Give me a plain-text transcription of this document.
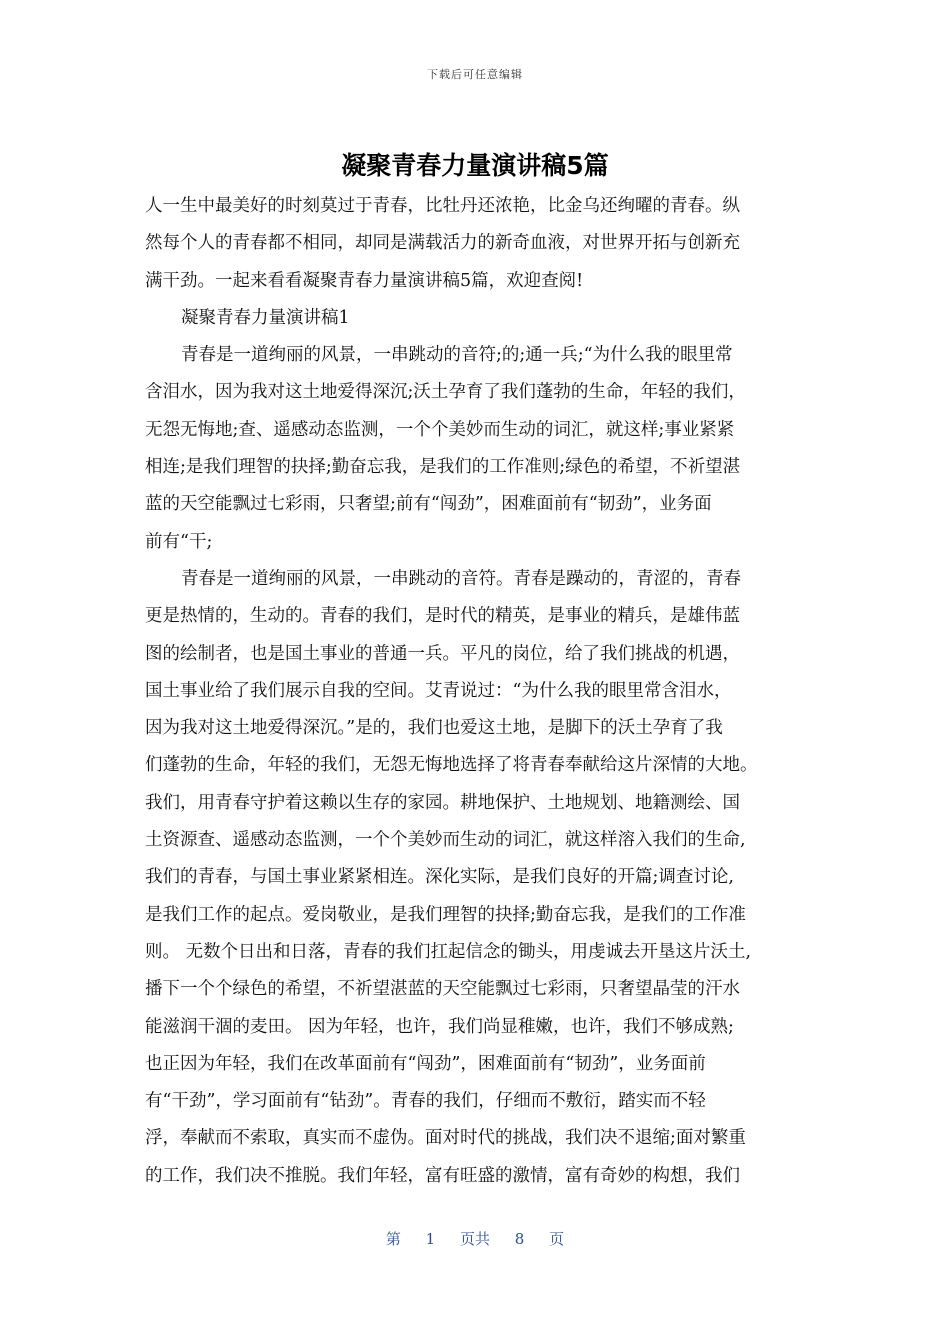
下载后可任意编辑
凝聚青春力量演讲稿5篇
人一生中最美好的时刻莫过于青春，比牡丹还浓艳，比金乌还绚曜的青春。纵
然每个人的青春都不相同，却同是满载活力的新奇血液，对世界开拓与创新充
满干劲。一起来看看凝聚青春力量演讲稿5篇，欢迎查阅!
凝聚青春力量演讲稿1
青春是一道绚丽的风景，一串跳动的音符;的;通一兵;“为什么我的眼里常
含泪水，因为我对这土地爱得深沉;沃土孕育了我们蓬勃的生命，年轻的我们，
无怨无悔地;查、遥感动态监测，一个个美妙而生动的词汇，就这样;事业紧紧
相连;是我们理智的抉择;勤奋忘我，是我们的工作准则;绿色的希望，不祈望湛
蓝的天空能飘过七彩雨，只奢望;前有“闯劲”，困难面前有“韧劲”，业务面
前有“干;
青春是一道绚丽的风景，一串跳动的音符。青春是躁动的，青涩的，青春
更是热情的，生动的。青春的我们，是时代的精英，是事业的精兵，是雄伟蓝
图的绘制者，也是国土事业的普通一兵。平凡的岗位，给了我们挑战的机遇，
国土事业给了我们展示自我的空间。艾青说过：“为什么我的眼里常含泪水，
因为我对这土地爱得深沉。”是的，我们也爱这土地，是脚下的沃土孕育了我
们蓬勃的生命，年轻的我们，无怨无悔地选择了将青春奉献给这片深情的大地。
我们，用青春守护着这赖以生存的家园。耕地保护、土地规划、地籍测绘、国
土资源查、遥感动态监测，一个个美妙而生动的词汇，就这样溶入我们的生命,
我们的青春，与国土事业紧紧相连。深化实际，是我们良好的开篇;调查讨论,
是我们工作的起点。爱岗敬业，是我们理智的抉择;勤奋忘我，是我们的工作准
则。 无数个日出和日落，青春的我们扛起信念的锄头，用虔诚去开垦这片沃土,
播下一个个绿色的希望，不祈望湛蓝的天空能飘过七彩雨，只奢望晶莹的汗水
能滋润干涸的麦田。 因为年轻，也许，我们尚显稚嫩，也许，我们不够成熟;
也正因为年轻，我们在改革面前有“闯劲”，困难面前有“韧劲”，业务面前
有“干劲”，学习面前有“钻劲”。青春的我们，仔细而不敷衍，踏实而不轻
浮，奉献而不索取，真实而不虚伪。面对时代的挑战，我们决不退缩;面对繁重
的工作，我们决不推脱。我们年轻，富有旺盛的激情，富有奇妙的构想，我们
第 1 页共 8 页
